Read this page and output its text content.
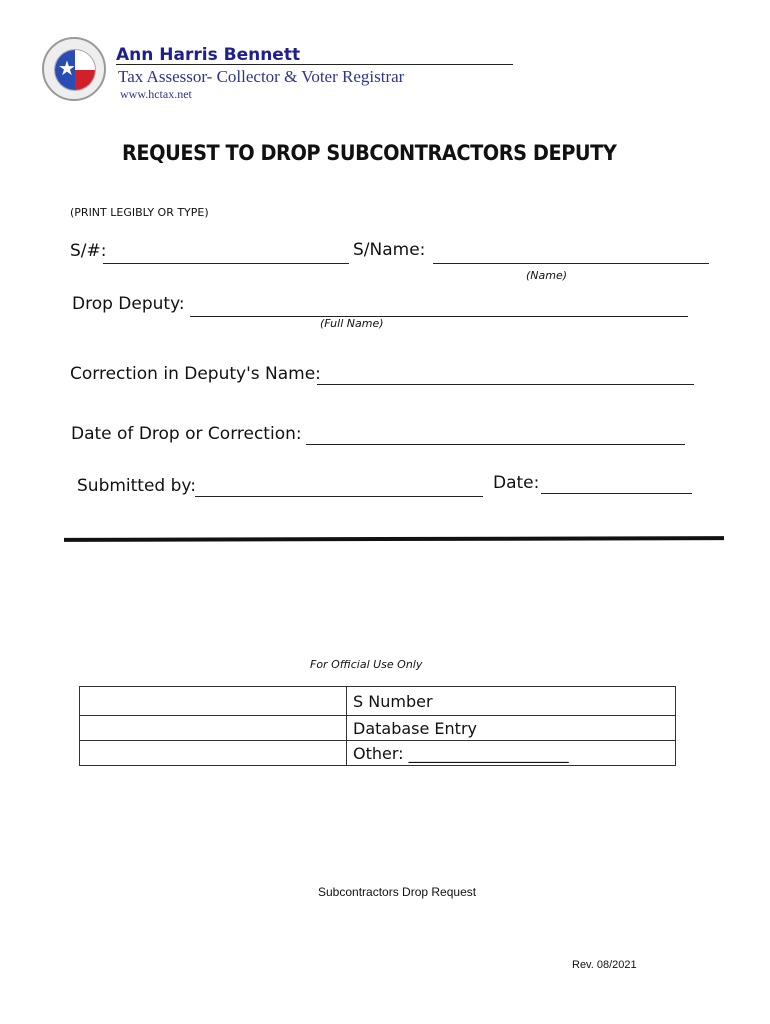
★
Ann Harris Bennett
Tax Assessor- Collector & Voter Registrar
www.hctax.net
REQUEST TO DROP SUBCONTRACTORS DEPUTY
(PRINT LEGIBLY OR TYPE)
S/#:	S/Name:
(Name)
Drop Deputy:
(Full Name)
Correction in Deputy's Name:
Date of Drop or Correction:
Submitted by:	Date:
For Official Use Only
	S Number
	Database Entry
	Other: ____________________
Subcontractors Drop Request
Rev. 08/2021
